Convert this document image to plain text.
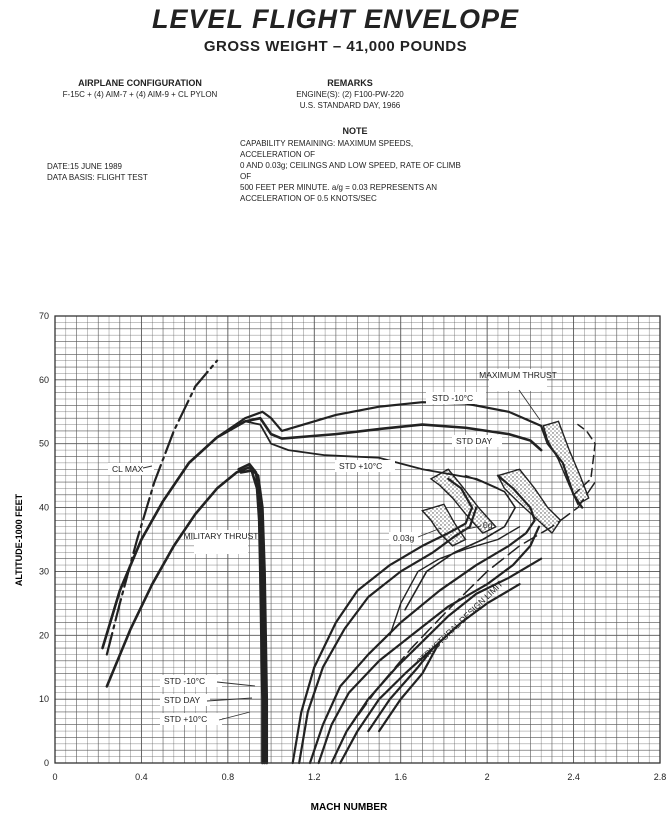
LEVEL FLIGHT ENVELOPE
GROSS WEIGHT – 41,000 POUNDS
AIRPLANE CONFIGURATION
F-15C + (4) AIM-7 + (4) AIM-9 + CL PYLON
REMARKS
ENGINE(S): (2) F100-PW-220
U.S. STANDARD DAY, 1966
NOTE
CAPABILITY REMAINING: MAXIMUM SPEEDS, ACCELERATION OF
0 AND 0.03g; CEILINGS AND LOW SPEED, RATE OF CLIMB OF
500 FEET PER MINUTE. a/g = 0.03 REPRESENTS AN
ACCELERATION OF 0.5 KNOTS/SEC
DATE:15 JUNE 1989
DATA BASIS: FLIGHT TEST
0	0.4	0.8	1.2	1.6	2	2.4	2.8
0
10
20
30
40
50
60
70
MACH NUMBER
ALTITUDE-1000 FEET
MAXIMUM THRUST
STD -10°C
STD DAY
STD +10°C
CL MAX
MILITARY THRUST	0.03g
0g
STD -10°C
STD DAY
STD +10°C
STRUCTURAL DESIGN LIMIT
